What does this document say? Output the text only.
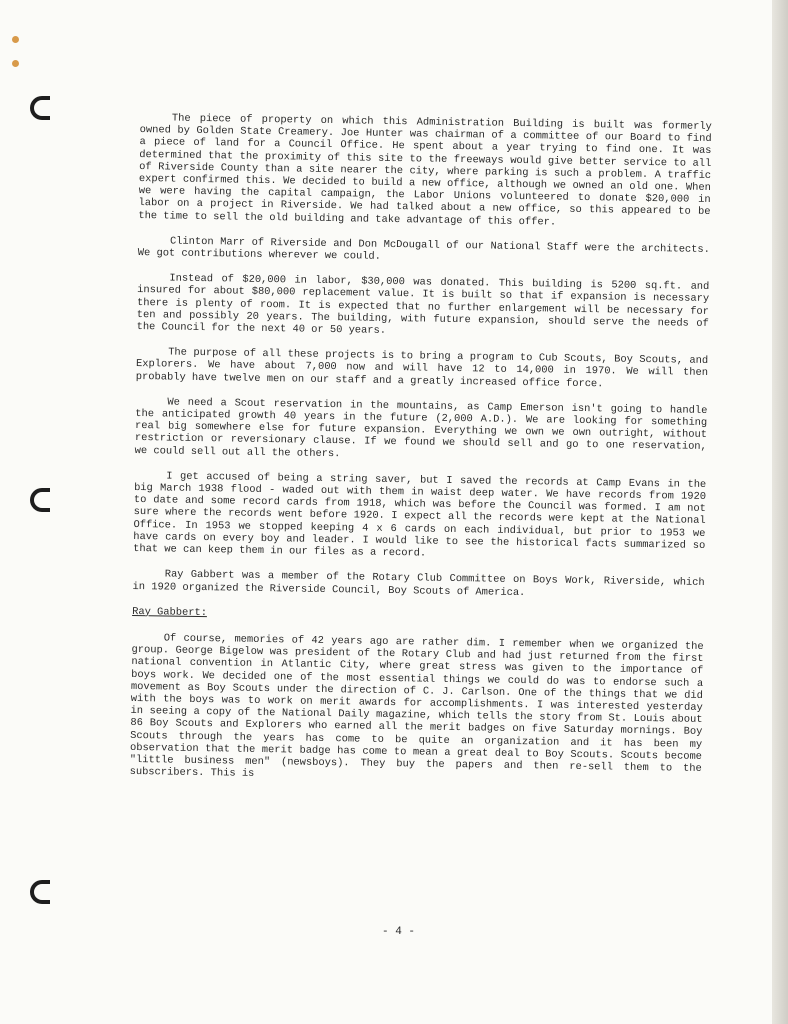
The piece of property on which this Administration Building is built was formerly owned by Golden State Creamery. Joe Hunter was chairman of a committee of our Board to find a piece of land for a Council Office. He spent about a year trying to find one. It was determined that the proximity of this site to the freeways would give better service to all of Riverside County than a site nearer the city, where parking is such a problem. A traffic expert confirmed this. We decided to build a new office, although we owned an old one. When we were having the capital campaign, the Labor Unions volunteered to donate $20,000 in labor on a project in Riverside. We had talked about a new office, so this appeared to be the time to sell the old building and take advantage of this offer.

Clinton Marr of Riverside and Don McDougall of our National Staff were the architects. We got contributions wherever we could.

Instead of $20,000 in labor, $30,000 was donated. This building is 5200 sq.ft. and insured for about $80,000 replacement value. It is built so that if expansion is necessary there is plenty of room. It is expected that no further enlargement will be necessary for ten and possibly 20 years. The building, with future expansion, should serve the needs of the Council for the next 40 or 50 years.

The purpose of all these projects is to bring a program to Cub Scouts, Boy Scouts, and Explorers. We have about 7,000 now and will have 12 to 14,000 in 1970. We will then probably have twelve men on our staff and a greatly increased office force.

We need a Scout reservation in the mountains, as Camp Emerson isn't going to handle the anticipated growth 40 years in the future (2,000 A.D.). We are looking for something real big somewhere else for future expansion. Everything we own we own outright, without restriction or reversionary clause. If we found we should sell and go to one reservation, we could sell out all the others.

I get accused of being a string saver, but I saved the records at Camp Evans in the big March 1938 flood - waded out with them in waist deep water. We have records from 1920 to date and some record cards from 1918, which was before the Council was formed. I am not sure where the records went before 1920. I expect all the records were kept at the National Office. In 1953 we stopped keeping 4 x 6 cards on each individual, but prior to 1953 we have cards on every boy and leader. I would like to see the historical facts summarized so that we can keep them in our files as a record.

Ray Gabbert was a member of the Rotary Club Committee on Boys Work, Riverside, which in 1920 organized the Riverside Council, Boy Scouts of America.

Ray Gabbert:

Of course, memories of 42 years ago are rather dim. I remember when we organized the group. George Bigelow was president of the Rotary Club and had just returned from the first national convention in Atlantic City, where great stress was given to the importance of boys work. We decided one of the most essential things we could do was to endorse such a movement as Boy Scouts under the direction of C. J. Carlson. One of the things that we did with the boys was to work on merit awards for accomplishments. I was interested yesterday in seeing a copy of the National Daily magazine, which tells the story from St. Louis about 86 Boy Scouts and Explorers who earned all the merit badges on five Saturday mornings. Boy Scouts through the years has come to be quite an organization and it has been my observation that the merit badge has come to mean a great deal to Boy Scouts. Scouts become "little business men" (newsboys). They buy the papers and then re-sell them to the subscribers. This is

- 4 -
